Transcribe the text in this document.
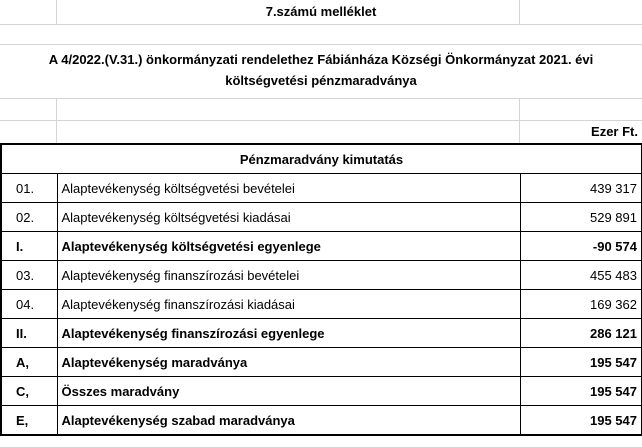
7.számú melléklet
A 4/2022.(V.31.) önkormányzati rendelethez Fábiánháza Községi Önkormányzat 2021. évi
költségvetési pénzmaradványa
Ezer Ft.
Pénzmaradvány kimutatás		
01.	Alaptevékenység költségvetési bevételei	439 317
02.	Alaptevékenység költségvetési kiadásai	529 891
I.	Alaptevékenység költségvetési egyenlege	-90 574
03.	Alaptevékenység finanszírozási bevételei	455 483
04.	Alaptevékenység finanszírozási kiadásai	169 362
II.	Alaptevékenység finanszírozási egyenlege	286 121
A,	Alaptevékenység maradványa	195 547
C,	Összes maradvány	195 547
E,	Alaptevékenység szabad maradványa	195 547
